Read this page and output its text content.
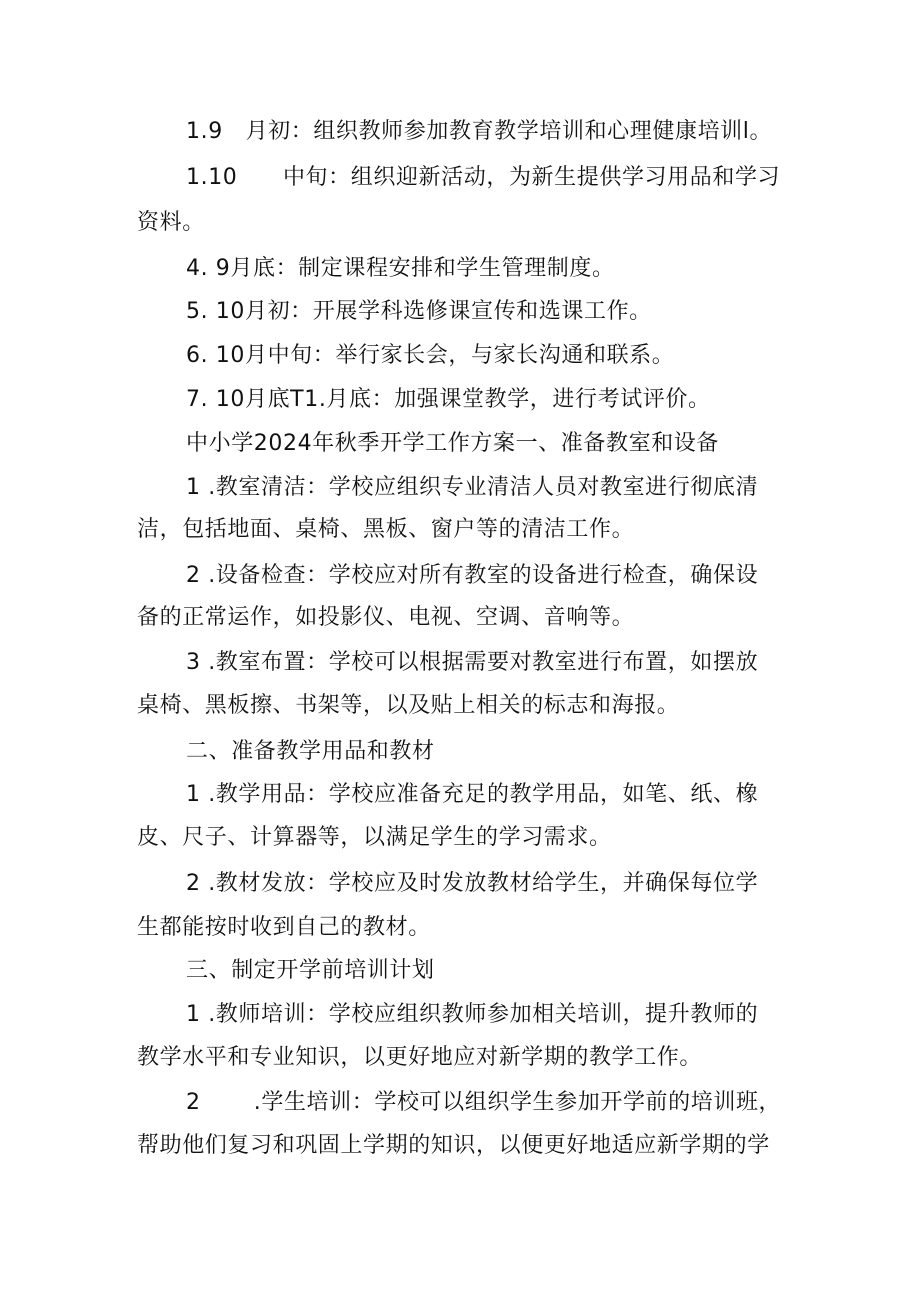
1.9   月初：组织教师参加教育教学培训和心理健康培训l。
1.10      中旬：组织迎新活动，为新生提供学习用品和学习
资料。
4. 9月底：制定课程安排和学生管理制度。
5. 10月初：开展学科选修课宣传和选课工作。
6. 10月中旬：举行家长会，与家长沟通和联系。
7. 10月底T1.月底：加强课堂教学，进行考试评价。
中小学2024年秋季开学工作方案一、准备教室和设备
1 .教室清洁：学校应组织专业清洁人员对教室进行彻底清
洁，包括地面、桌椅、黑板、窗户等的清洁工作。
2 .设备检查：学校应对所有教室的设备进行检查，确保设
备的正常运作，如投影仪、电视、空调、音响等。
3 .教室布置：学校可以根据需要对教室进行布置，如摆放
桌椅、黑板擦、书架等，以及贴上相关的标志和海报。
二、准备教学用品和教材
1 .教学用品：学校应准备充足的教学用品，如笔、纸、橡
皮、尺子、计算器等，以满足学生的学习需求。
2 .教材发放：学校应及时发放教材给学生，并确保每位学
生都能按时收到自己的教材。
三、制定开学前培训计划
1 .教师培训：学校应组织教师参加相关培训，提升教师的
教学水平和专业知识，以更好地应对新学期的教学工作。
2       .学生培训：学校可以组织学生参加开学前的培训班，
帮助他们复习和巩固上学期的知识，以便更好地适应新学期的学
